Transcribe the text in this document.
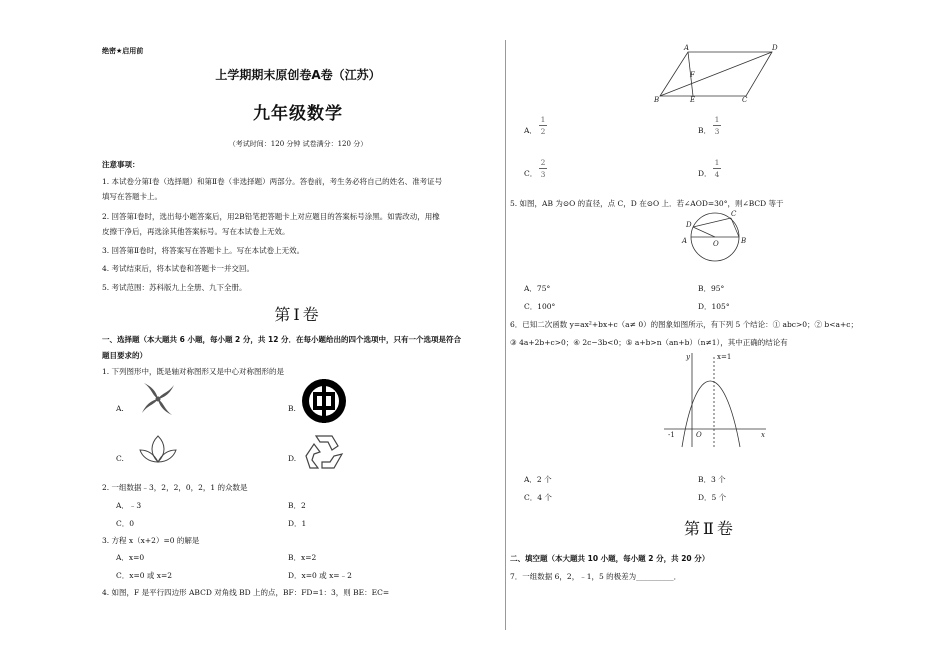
绝密★启用前
上学期期末原创卷A卷（江苏）
九年级数学
（考试时间：120 分钟 试卷满分：120 分）
注意事项：
1. 本试卷分第Ⅰ卷（选择题）和第Ⅱ卷（非选择题）两部分。答卷前，考生务必将自己的姓名、准考证号
填写在答题卡上。
2. 回答第Ⅰ卷时，选出每小题答案后，用2B铅笔把答题卡上对应题目的答案标号涂黑。如需改动，用橡
皮擦干净后，再选涂其他答案标号。写在本试卷上无效。
3. 回答第Ⅱ卷时，将答案写在答题卡上。写在本试卷上无效。
4. 考试结束后，将本试卷和答题卡一并交回。
5. 考试范围：苏科版九上全册、九下全册。
第Ⅰ卷
一、选择题（本大题共 6 小题，每小题 2 分，共 12 分．在每小题给出的四个选项中，只有一个选项是符合
题目要求的）
1. 下列图形中，既是轴对称图形又是中心对称图形的是
A.	B.
C.	D.
2. 一组数据﹣3，2，2，0，2，1 的众数是
A．﹣3	B．2
C．0	D．1
3. 方程 x（x+2）=0 的解是
A．x=0	B．x=2
C．x=0 或 x=2	D．x=0 或 x=﹣2
4. 如图，F 是平行四边形 ABCD 对角线 BD 上的点，BF：FD=1：3，则 BE：EC=
A	D
F
B	E	C
A．
1
2	B．
1
3
C．
2
3	D．
1
4
5. 如图，AB 为⊙O 的直径，点 C，D 在⊙O 上．若∠AOD=30°，则∠BCD 等于
C
D
A	O	B
A．75°	B．95°
C．100°	D．105°
6．已知二次函数 y=ax²+bx+c（a≠ 0）的图象如图所示，有下列 5 个结论：① abc>0；② b<a+c；
③ 4a+2b+c>0；④ 2c−3b<0；⑤ a+b>n（an+b）（n≠1），其中正确的结论有
y
x
O
-1
x=1
A．2 个	B．3 个
C．4 个	D．5 个
第Ⅱ卷
二、填空题（本大题共 10 小题，每小题 2 分，共 20 分）
7．一组数据 6，2，﹣1，5 的极差为__________．
